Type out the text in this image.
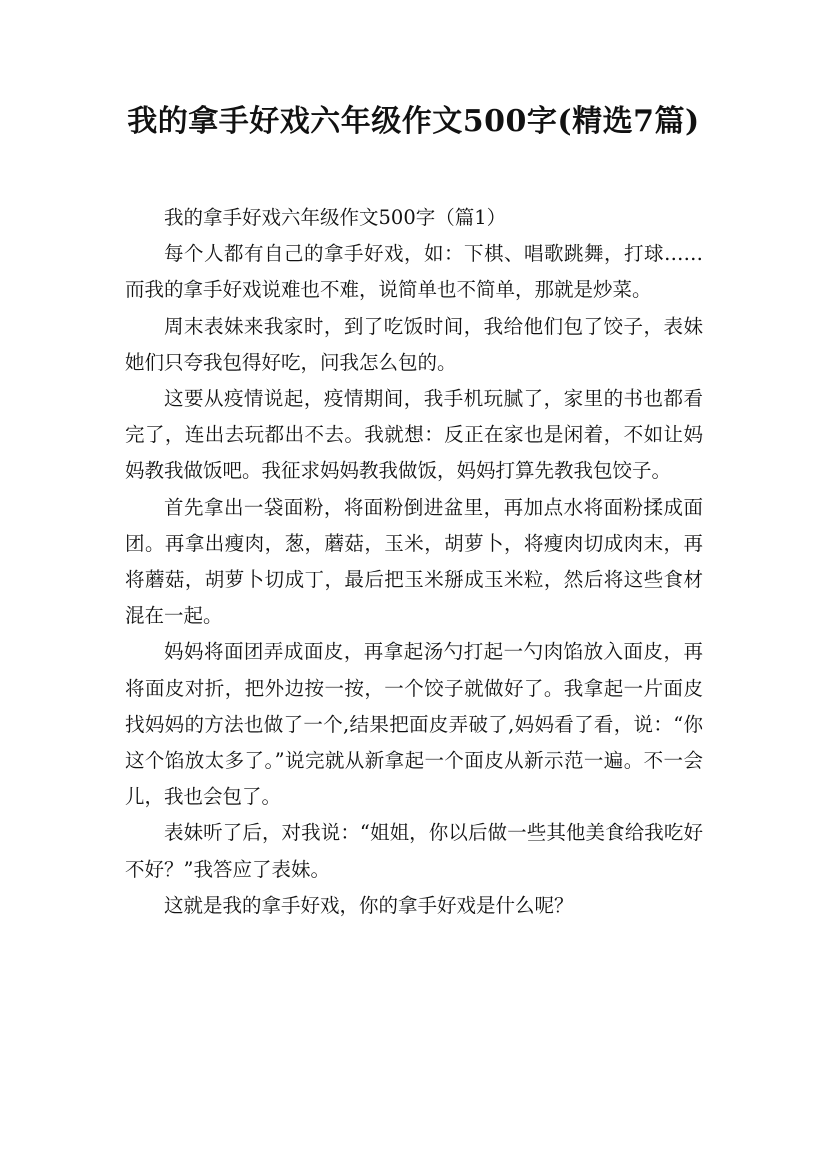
我的拿手好戏六年级作文500字(精选7篇)

我的拿手好戏六年级作文500字（篇1）

每个人都有自己的拿手好戏，如：下棋、唱歌跳舞，打球……而我的拿手好戏说难也不难，说简单也不简单，那就是炒菜。

周末表妹来我家时，到了吃饭时间，我给他们包了饺子，表妹她们只夸我包得好吃，问我怎么包的。

这要从疫情说起，疫情期间，我手机玩腻了，家里的书也都看完了，连出去玩都出不去。我就想：反正在家也是闲着，不如让妈妈教我做饭吧。我征求妈妈教我做饭，妈妈打算先教我包饺子。

首先拿出一袋面粉，将面粉倒进盆里，再加点水将面粉揉成面团。再拿出瘦肉，葱，蘑菇，玉米，胡萝卜，将瘦肉切成肉末，再将蘑菇，胡萝卜切成丁，最后把玉米掰成玉米粒，然后将这些食材混在一起。

妈妈将面团弄成面皮，再拿起汤勺打起一勺肉馅放入面皮，再将面皮对折，把外边按一按，一个饺子就做好了。我拿起一片面皮找妈妈的方法也做了一个,结果把面皮弄破了,妈妈看了看，说：“你这个馅放太多了。”说完就从新拿起一个面皮从新示范一遍。不一会儿，我也会包了。

表妹听了后，对我说：“姐姐，你以后做一些其他美食给我吃好不好？”我答应了表妹。

这就是我的拿手好戏，你的拿手好戏是什么呢？
